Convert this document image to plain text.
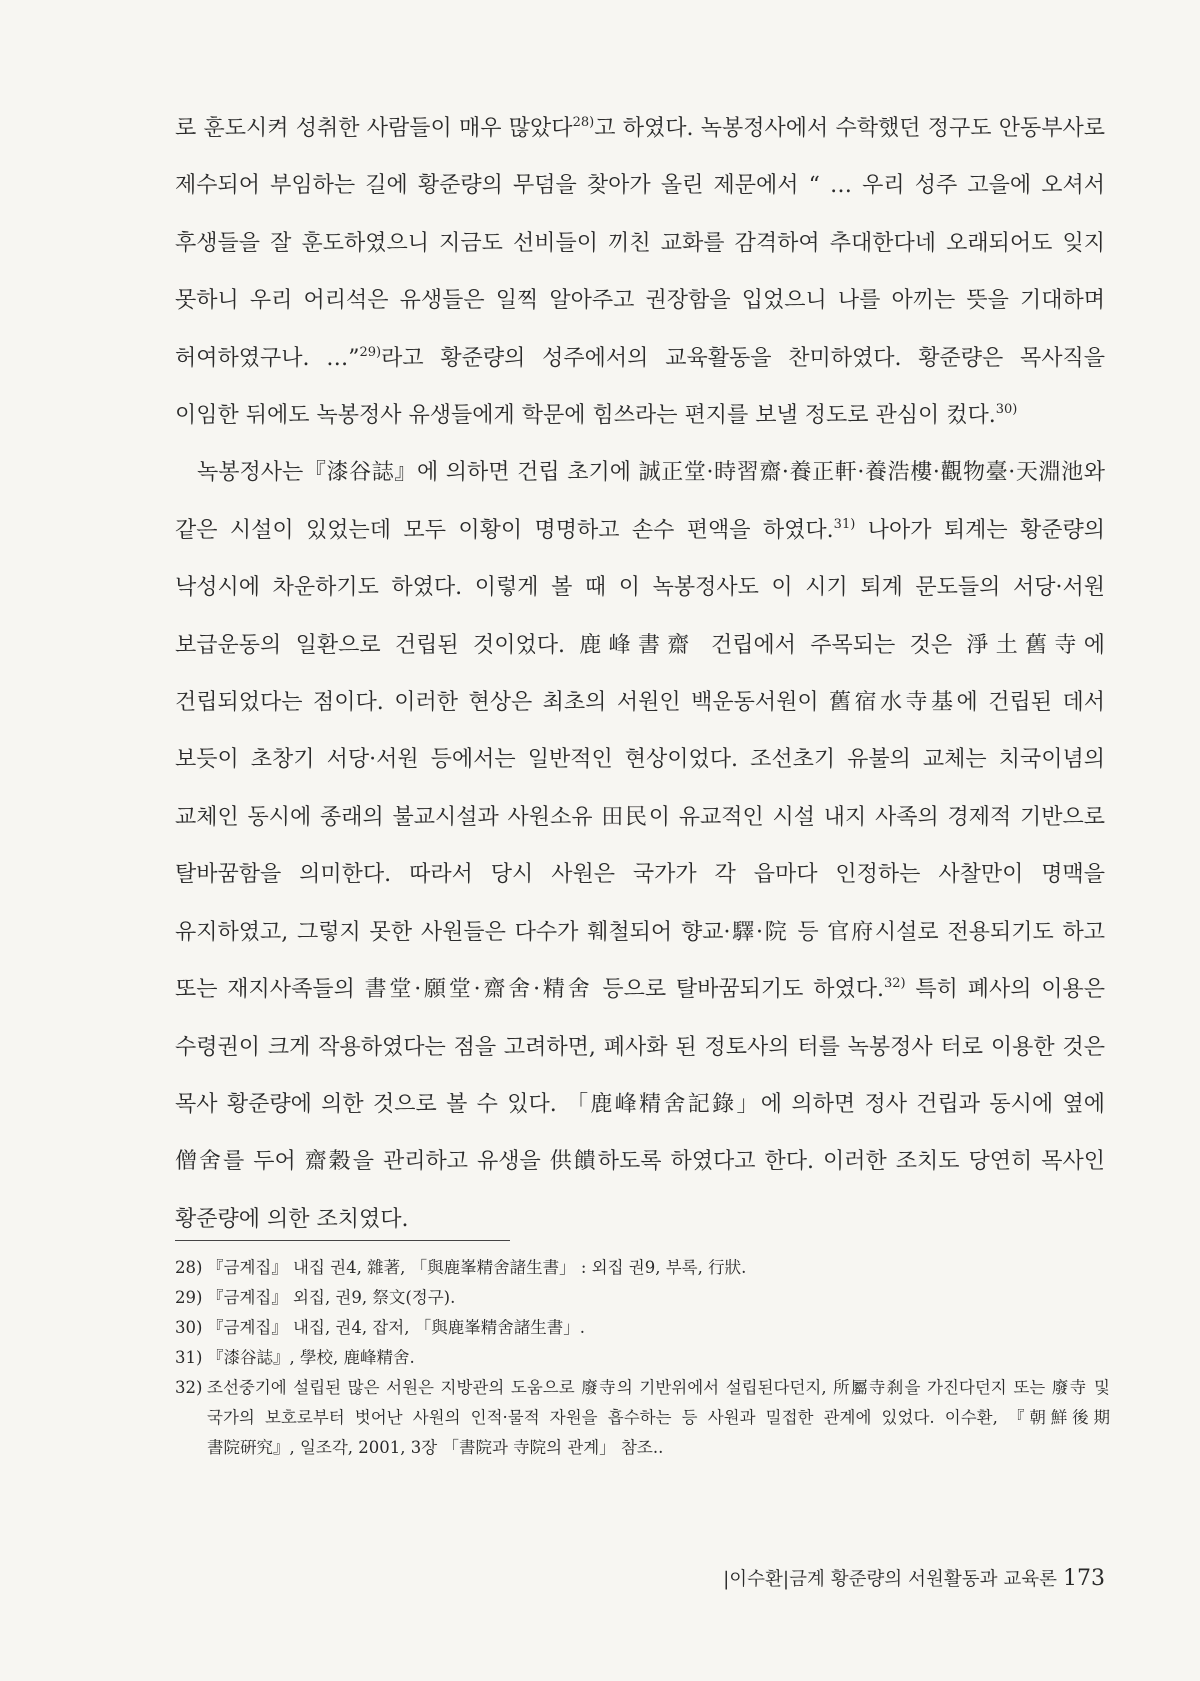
로 훈도시켜 성취한 사람들이 매우 많았다$^{28)}$고 하였다. 녹봉정사에서 수학했던 정구도 안동부사로 제수되어 부임하는 길에 황준량의 무덤을 찾아가 올린 제문에서 “ … 우리 성주 고을에 오셔서 후생들을 잘 훈도하였으니 지금도 선비들이 끼친 교화를 감격하여 추대한다네 오래되어도 잊지 못하니 우리 어리석은 유생들은 일찍 알아주고 권장함을 입었으니 나를 아끼는 뜻을 기대하며 허여하였구나. …”$^{29)}$라고 황준량의 성주에서의 교육활동을 찬미하였다. 황준량은 목사직을 이임한 뒤에도 녹봉정사 유생들에게 학문에 힘쓰라는 편지를 보낼 정도로 관심이 컸다.$^{30)}$

녹봉정사는『漆谷誌』에 의하면 건립 초기에 誠正堂·時習齋·養正軒·養浩樓·觀物臺·天淵池와 같은 시설이 있었는데 모두 이황이 명명하고 손수 편액을 하였다.$^{31)}$ 나아가 퇴계는 황준량의 낙성시에 차운하기도 하였다. 이렇게 볼 때 이 녹봉정사도 이 시기 퇴계 문도들의 서당·서원 보급운동의 일환으로 건립된 것이었다. 鹿峰書齋 건립에서 주목되는 것은 淨土舊寺에 건립되었다는 점이다. 이러한 현상은 최초의 서원인 백운동서원이 舊宿水寺基에 건립된 데서 보듯이 초창기 서당·서원 등에서는 일반적인 현상이었다. 조선초기 유불의 교체는 치국이념의 교체인 동시에 종래의 불교시설과 사원소유 田民이 유교적인 시설 내지 사족의 경제적 기반으로 탈바꿈함을 의미한다. 따라서 당시 사원은 국가가 각 읍마다 인정하는 사찰만이 명맥을 유지하였고, 그렇지 못한 사원들은 다수가 훼철되어 향교·驛·院 등 官府시설로 전용되기도 하고 또는 재지사족들의 書堂·願堂·齋舍·精舍 등으로 탈바꿈되기도 하였다.$^{32)}$ 특히 폐사의 이용은 수령권이 크게 작용하였다는 점을 고려하면, 폐사화 된 정토사의 터를 녹봉정사 터로 이용한 것은 목사 황준량에 의한 것으로 볼 수 있다. 「鹿峰精舍記錄」에 의하면 정사 건립과 동시에 옆에 僧舍를 두어 齋穀을 관리하고 유생을 供饋하도록 하였다고 한다. 이러한 조치도 당연히 목사인 황준량에 의한 조치였다.

28) 『금계집』 내집 권4, 雜著, 「與鹿峯精舍諸生書」 : 외집 권9, 부록, 行狀.
29) 『금계집』 외집, 권9, 祭文(정구).
30) 『금계집』 내집, 권4, 잡저, 「與鹿峯精舍諸生書」.
31) 『漆谷誌』, 學校, 鹿峰精舍.
32) 조선중기에 설립된 많은 서원은 지방관의 도움으로 廢寺의 기반위에서 설립된다던지, 所屬寺刹을 가진다던지 또는 廢寺 및 국가의 보호로부터 벗어난 사원의 인적·물적 자원을 흡수하는 등 사원과 밀접한 관계에 있었다. 이수환, 『朝鮮後期 書院硏究』, 일조각, 2001, 3장 「書院과 寺院의 관계」 참조..
|이수환|금계 황준량의 서원활동과 교육론 173
